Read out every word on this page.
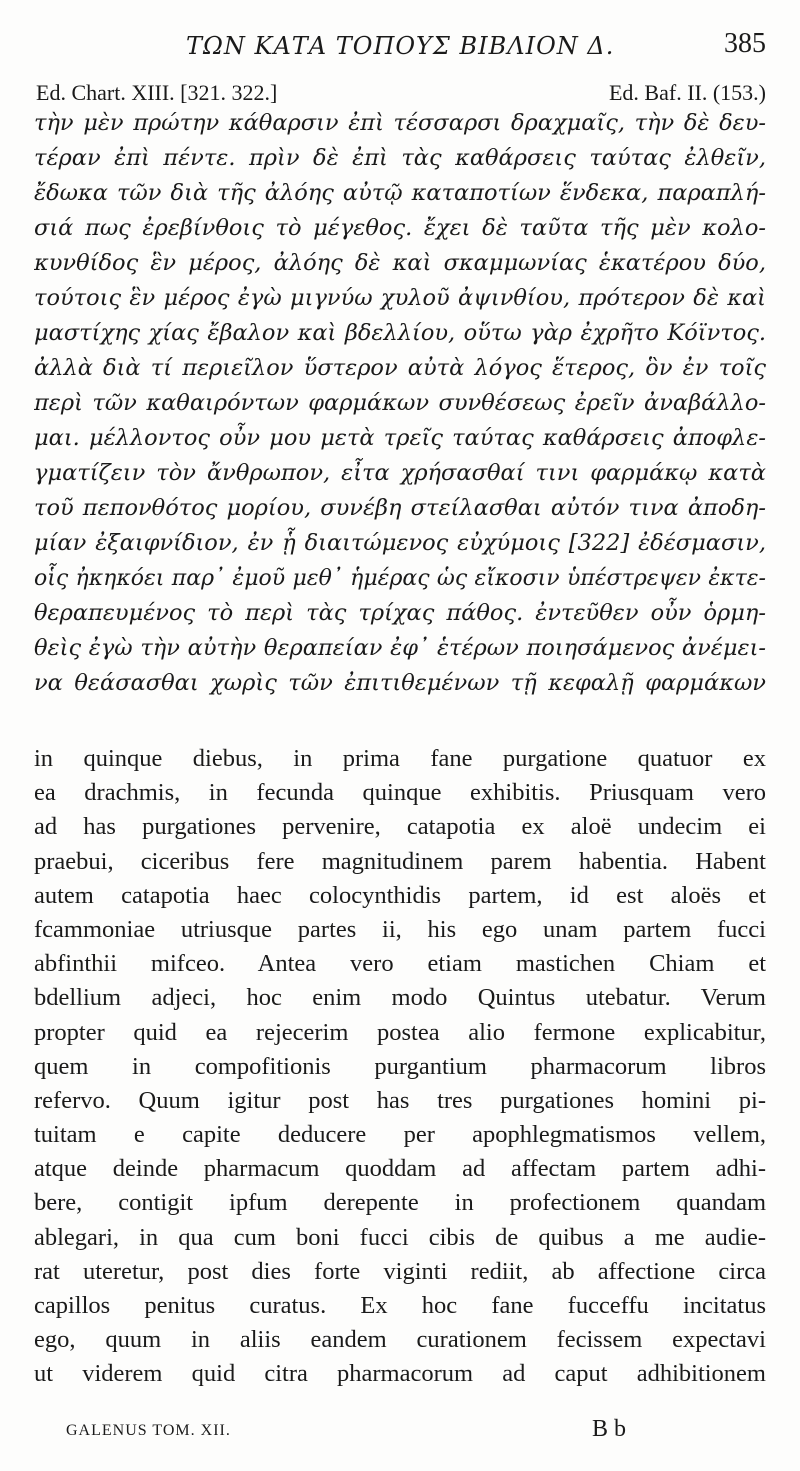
ΤΩΝ ΚΑΤΑ ΤΟΠΟΥΣ ΒΙΒΛΙΟΝ Δ.	385
Ed. Chart. XIII. [321. 322.]	Ed. Baf. II. (153.)
τὴν μὲν πρώτην κάθαρσιν ἐπὶ τέσσαρσι δραχμαῖς, τὴν δὲ δευ-
τέραν ἐπὶ πέντε. πρὶν δὲ ἐπὶ τὰς καθάρσεις ταύτας ἐλθεῖν,
ἔδωκα τῶν διὰ τῆς ἀλόης αὐτῷ καταποτίων ἕνδεκα, παραπλή-
σιά πως ἐρεβίνθοις τὸ μέγεθος. ἔχει δὲ ταῦτα τῆς μὲν κολο-
κυνθίδος ἓν μέρος, ἀλόης δὲ καὶ σκαμμωνίας ἑκατέρου δύο,
τούτοις ἓν μέρος ἐγὼ μιγνύω χυλοῦ ἀψινθίου, πρότερον δὲ καὶ
μαστίχης χίας ἔβαλον καὶ βδελλίου, οὕτω γὰρ ἐχρῆτο Κόϊντος.
ἀλλὰ διὰ τί περιεῖλον ὕστερον αὐτὰ λόγος ἕτερος, ὃν ἐν τοῖς
περὶ τῶν καθαιρόντων φαρμάκων συνθέσεως ἐρεῖν ἀναβάλλο-
μαι. μέλλοντος οὖν μου μετὰ τρεῖς ταύτας καθάρσεις ἀποφλε-
γματίζειν τὸν ἄνθρωπον, εἶτα χρήσασθαί τινι φαρμάκῳ κατὰ
τοῦ πεπονθότος μορίου, συνέβη στείλασθαι αὐτόν τινα ἀποδη-
μίαν ἐξαιφνίδιον, ἐν ᾗ διαιτώμενος εὐχύμοις [322] ἐδέσμασιν,
οἷς ἠκηκόει παρ᾽ ἐμοῦ μεθ᾽ ἡμέρας ὡς εἴκοσιν ὑπέστρεψεν ἐκτε-
θεραπευμένος τὸ περὶ τὰς τρίχας πάθος. ἐντεῦθεν οὖν ὁρμη-
θεὶς ἐγὼ τὴν αὐτὴν θεραπείαν ἐφ᾽ ἑτέρων ποιησάμενος ἀνέμει-
να θεάσασθαι χωρὶς τῶν ἐπιτιθεμένων τῇ κεφαλῇ φαρμάκων
in quinque diebus, in prima fane purgatione quatuor ex
ea drachmis, in fecunda quinque exhibitis. Priusquam vero
ad has purgationes pervenire, catapotia ex aloë undecim ei
praebui, ciceribus fere magnitudinem parem habentia. Habent
autem catapotia haec colocynthidis partem, id est aloës et
fcammoniae utriusque partes ii, his ego unam partem fucci
abfinthii mifceo. Antea vero etiam mastichen Chiam et
bdellium adjeci, hoc enim modo Quintus utebatur. Verum
propter quid ea rejecerim postea alio fermone explicabitur,
quem in compofitionis purgantium pharmacorum libros
refervo. Quum igitur post has tres purgationes homini pi-
tuitam e capite deducere per apophlegmatismos vellem,
atque deinde pharmacum quoddam ad affectam partem adhi-
bere, contigit ipfum derepente in profectionem quandam
ablegari, in qua cum boni fucci cibis de quibus a me audie-
rat uteretur, post dies forte viginti rediit, ab affectione circa
capillos penitus curatus. Ex hoc fane fucceffu incitatus
ego, quum in aliis eandem curationem fecissem expectavi
ut viderem quid citra pharmacorum ad caput adhibitionem
GALENUS TOM. XII.	B b
